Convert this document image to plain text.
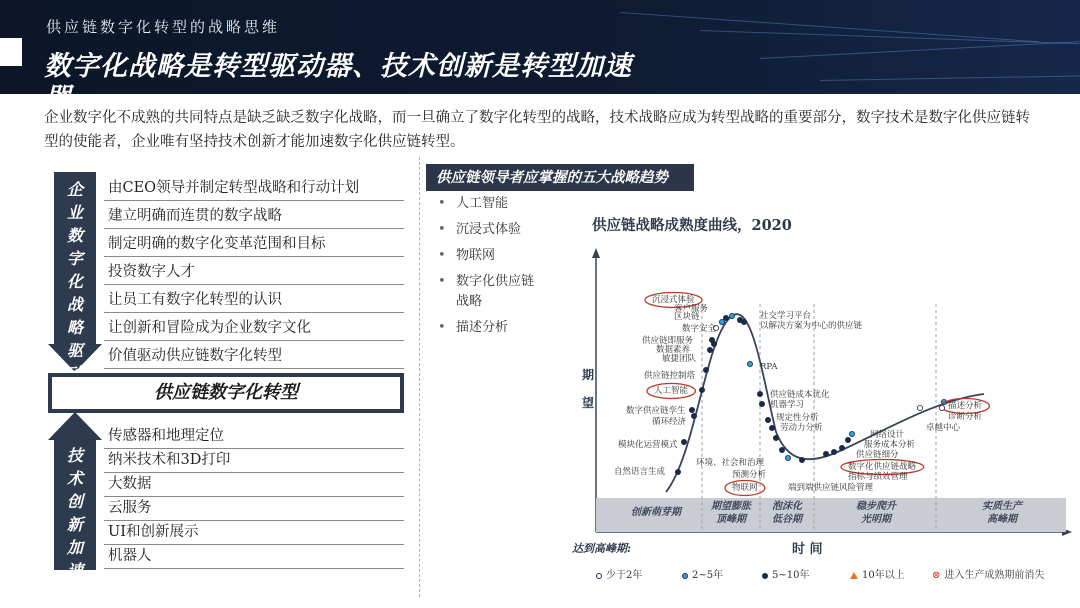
供应链数字化转型的战略思维
数字化战略是转型驱动器、技术创新是转型加速
器

企业数字化不成熟的共同特点是缺乏缺乏数字化战略，而一旦确立了数字化转型的战略，技术战略应成为转型战略的重要部分，数字技术是数字化供应链转型的使能者，企业唯有坚持技术创新才能加速数字化供应链转型。

企
业
数
字
化
战
略
驱
由CEO领导并制定转型战略和行动计划
建立明确而连贯的数字战略
制定明确的数字化变革范围和目标
投资数字人才
让员工有数字化转型的认识
让创新和冒险成为企业数字文化
价值驱动供应链数字化转型
供应链数字化转型
技
术
创
新
加
速
传感器和地理定位
纳米技术和3D打印
大数据
云服务
UI和创新展示
机器人
供应链领导者应掌握的五大战略趋势
• 人工智能
• 沉浸式体验
• 物联网
• 数字化供应链战略
• 描述分析
供应链战略成熟度曲线，2020
期
望
时 间
达到高峰期:
创新萌芽期
期望膨胀
顶峰期
泡沫化
低谷期
稳步爬升
光明期
实质生产
高峰期
沉浸式体验
客户服务
区块链
数字安全
社交学习平台
以解决方案为中心的供应链
供应链即服务
数据素养
敏捷团队
RPA
供应链控制塔
人工智能	供应链成本优化
机器学习
数字供应链孪生
循环经济	规定性分析
劳动力分析
模块化运营模式
环境、社会和治理
预测分析
自然语言生成
物联网	端到端供应链风险管理
网络设计
服务成本分析
供应链细分
数字化供应链战略
指标与绩效管理
描述分析
诊断分析
卓越中心
少于2年	2~5年	5~10年	10年以上	⊗ 进入生产成熟期前消失
